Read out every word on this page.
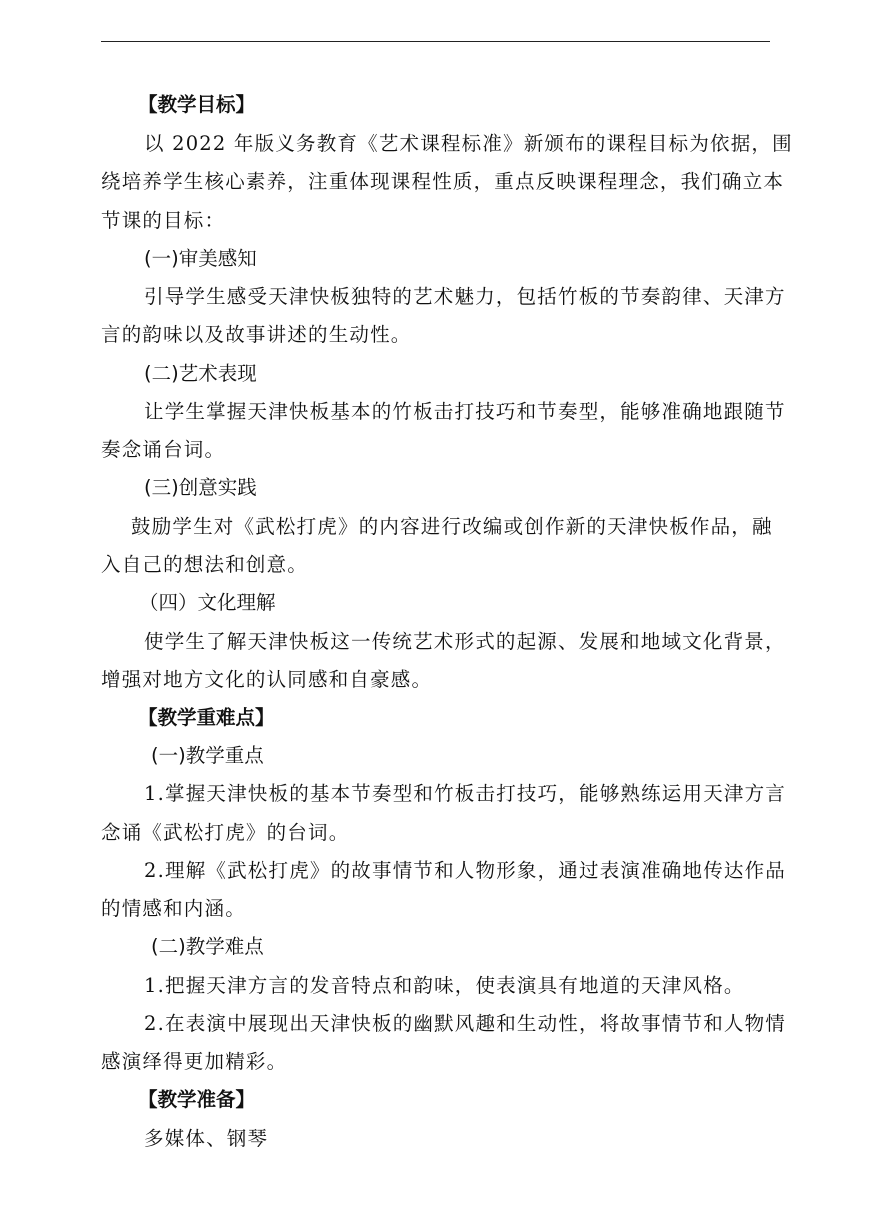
【教学目标】
以 2022 年版义务教育《艺术课程标准》新颁布的课程目标为依据，围
绕培养学生核心素养，注重体现课程性质，重点反映课程理念，我们确立本
节课的目标：
(一)审美感知
引导学生感受天津快板独特的艺术魅力，包括竹板的节奏韵律、天津方
言的韵味以及故事讲述的生动性。
(二)艺术表现
让学生掌握天津快板基本的竹板击打技巧和节奏型，能够准确地跟随节
奏念诵台词。
(三)创意实践
鼓励学生对《武松打虎》的内容进行改编或创作新的天津快板作品，融
入自己的想法和创意。
（四）文化理解
使学生了解天津快板这一传统艺术形式的起源、发展和地域文化背景，
增强对地方文化的认同感和自豪感。
【教学重难点】
(一)教学重点
1.掌握天津快板的基本节奏型和竹板击打技巧，能够熟练运用天津方言
念诵《武松打虎》的台词。
2.理解《武松打虎》的故事情节和人物形象，通过表演准确地传达作品
的情感和内涵。
(二)教学难点
1.把握天津方言的发音特点和韵味，使表演具有地道的天津风格。
2.在表演中展现出天津快板的幽默风趣和生动性，将故事情节和人物情
感演绎得更加精彩。
【教学准备】
多媒体、钢琴
